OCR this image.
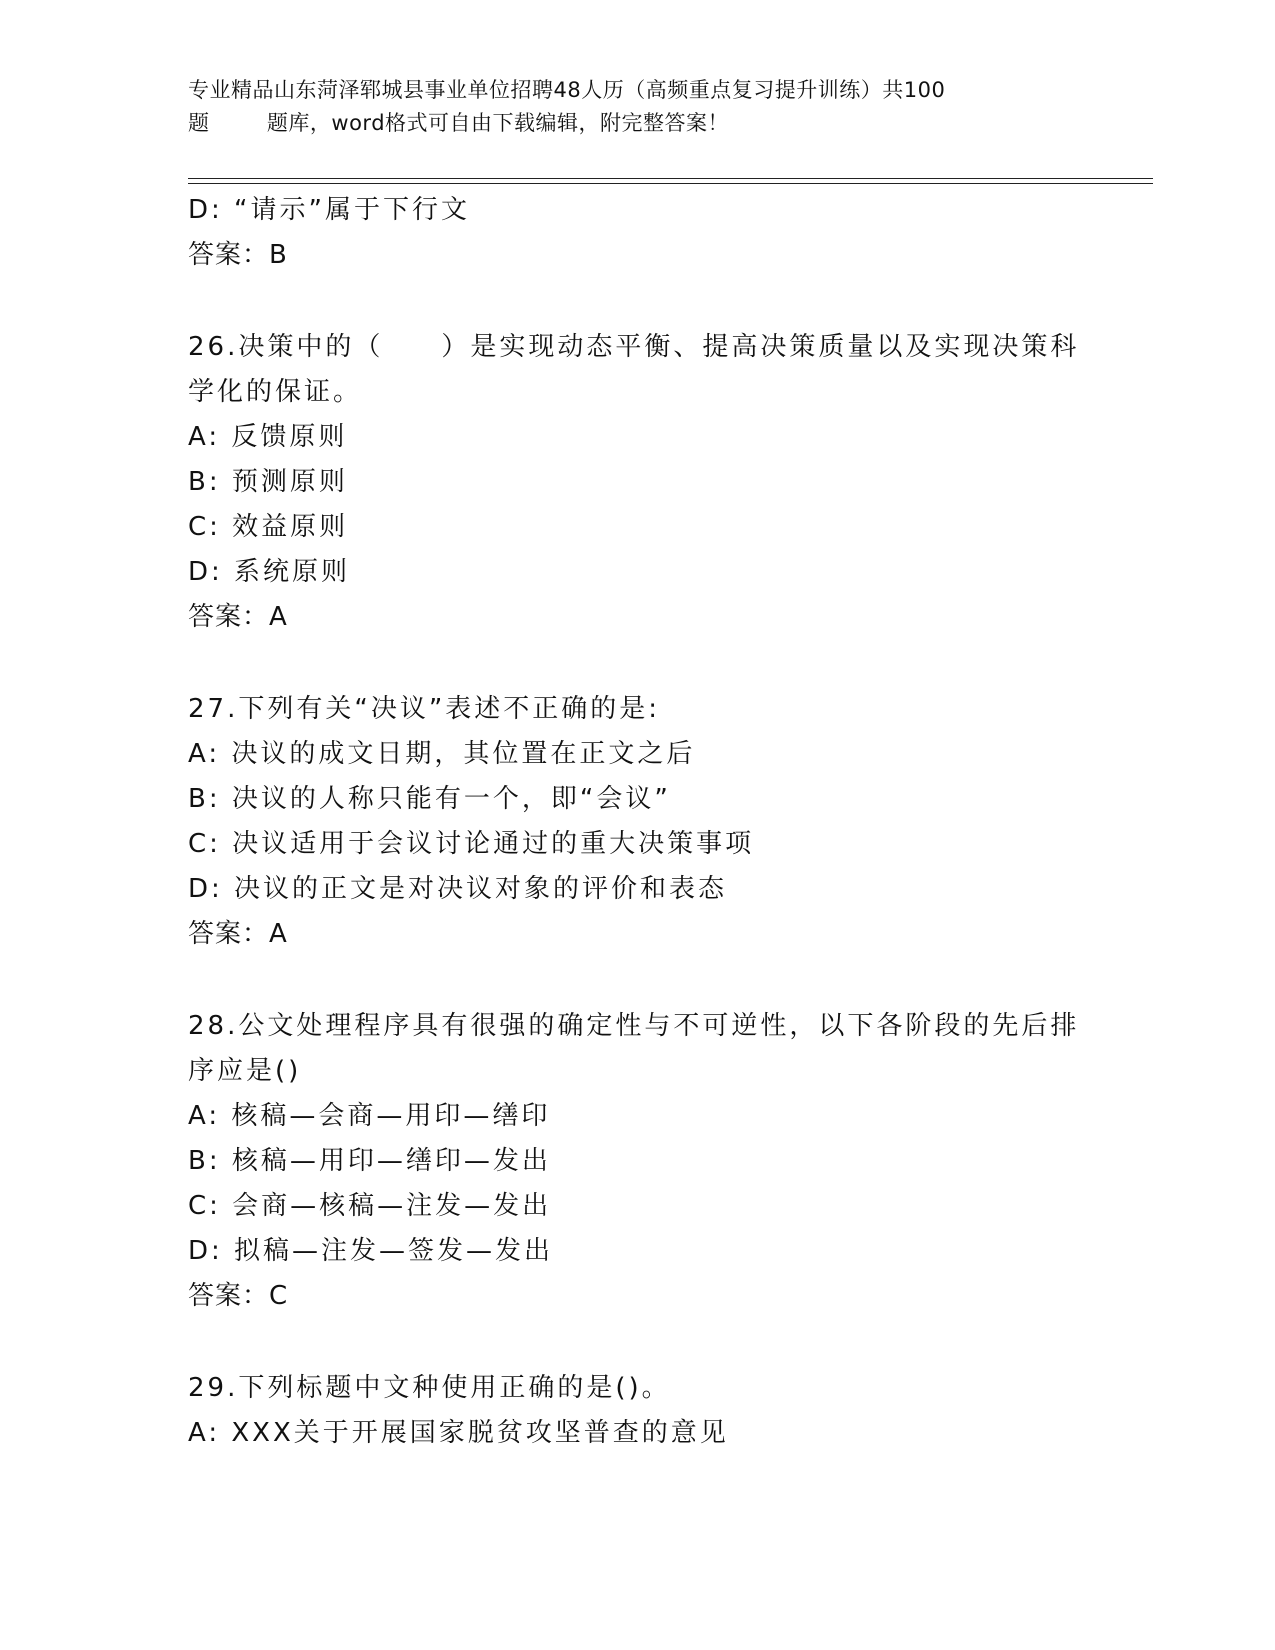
专业精品山东菏泽郓城县事业单位招聘48人历（高频重点复习提升训练）共100
题        题库，word格式可自由下载编辑，附完整答案！
D: “请示”属于下行文
答案：B
26.决策中的（　　）是实现动态平衡、提高决策质量以及实现决策科
学化的保证。
A: 反馈原则
B: 预测原则
C: 效益原则
D: 系统原则
答案：A
27.下列有关“决议”表述不正确的是:
A: 决议的成文日期，其位置在正文之后
B: 决议的人称只能有一个，即“会议”
C: 决议适用于会议讨论通过的重大决策事项
D: 决议的正文是对决议对象的评价和表态
答案：A
28.公文处理程序具有很强的确定性与不可逆性，以下各阶段的先后排
序应是()
A: 核稿—会商—用印—缮印
B: 核稿—用印—缮印—发出
C: 会商—核稿—注发—发出
D: 拟稿—注发—签发—发出
答案：C
29.下列标题中文种使用正确的是()。
A: XXX关于开展国家脱贫攻坚普查的意见
